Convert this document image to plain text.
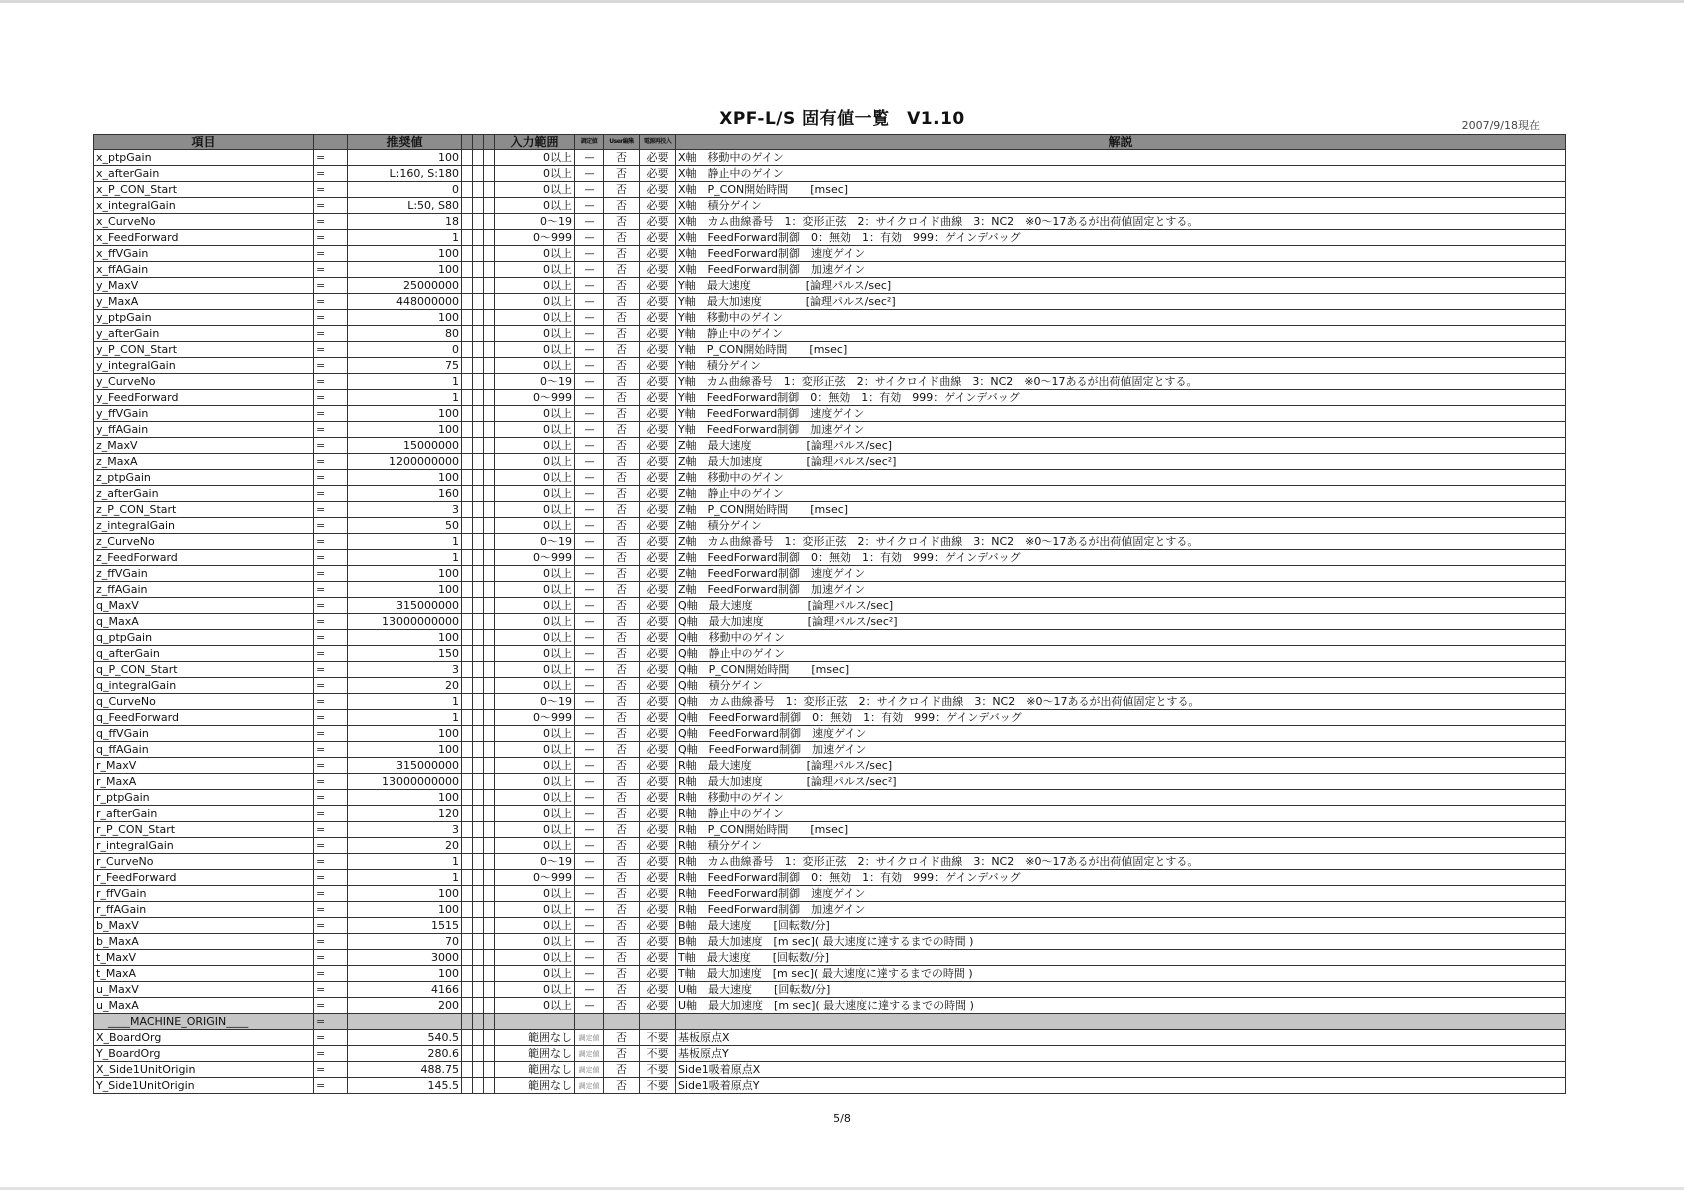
XPF-L/S 固有値一覧　V1.10	2007/9/18現在
項目		推奨値				入力範囲	調定値	User編集	電源再投入	解説
x_ptpGain	=	100				0以上	----	否	必要	X軸　移動中のゲイン
x_afterGain	=	L:160, S:180				0以上	----	否	必要	X軸　静止中のゲイン
x_P_CON_Start	=	0				0以上	----	否	必要	X軸　P_CON開始時間　　[msec]
x_integralGain	=	L:50, S80				0以上	----	否	必要	X軸　積分ゲイン
x_CurveNo	=	18				0～19	----	否	必要	X軸　カム曲線番号　1：変形正弦　2：サイクロイド曲線　3：NC2　※0～17あるが出荷値固定とする。
x_FeedForward	=	1				0～999	----	否	必要	X軸　FeedForward制御　0：無効　1：有効　999：ゲインデバッグ
x_ffVGain	=	100				0以上	----	否	必要	X軸　FeedForward制御　速度ゲイン
x_ffAGain	=	100				0以上	----	否	必要	X軸　FeedForward制御　加速ゲイン
y_MaxV	=	25000000				0以上	----	否	必要	Y軸　最大速度　　　　　[論理パルス/sec]
y_MaxA	=	448000000				0以上	----	否	必要	Y軸　最大加速度　　　　[論理パルス/sec²]
y_ptpGain	=	100				0以上	----	否	必要	Y軸　移動中のゲイン
y_afterGain	=	80				0以上	----	否	必要	Y軸　静止中のゲイン
y_P_CON_Start	=	0				0以上	----	否	必要	Y軸　P_CON開始時間　　[msec]
y_integralGain	=	75				0以上	----	否	必要	Y軸　積分ゲイン
y_CurveNo	=	1				0～19	----	否	必要	Y軸　カム曲線番号　1：変形正弦　2：サイクロイド曲線　3：NC2　※0～17あるが出荷値固定とする。
y_FeedForward	=	1				0～999	----	否	必要	Y軸　FeedForward制御　0：無効　1：有効　999：ゲインデバッグ
y_ffVGain	=	100				0以上	----	否	必要	Y軸　FeedForward制御　速度ゲイン
y_ffAGain	=	100				0以上	----	否	必要	Y軸　FeedForward制御　加速ゲイン
z_MaxV	=	15000000				0以上	----	否	必要	Z軸　最大速度　　　　　[論理パルス/sec]
z_MaxA	=	1200000000				0以上	----	否	必要	Z軸　最大加速度　　　　[論理パルス/sec²]
z_ptpGain	=	100				0以上	----	否	必要	Z軸　移動中のゲイン
z_afterGain	=	160				0以上	----	否	必要	Z軸　静止中のゲイン
z_P_CON_Start	=	3				0以上	----	否	必要	Z軸　P_CON開始時間　　[msec]
z_integralGain	=	50				0以上	----	否	必要	Z軸　積分ゲイン
z_CurveNo	=	1				0～19	----	否	必要	Z軸　カム曲線番号　1：変形正弦　2：サイクロイド曲線　3：NC2　※0～17あるが出荷値固定とする。
z_FeedForward	=	1				0～999	----	否	必要	Z軸　FeedForward制御　0：無効　1：有効　999：ゲインデバッグ
z_ffVGain	=	100				0以上	----	否	必要	Z軸　FeedForward制御　速度ゲイン
z_ffAGain	=	100				0以上	----	否	必要	Z軸　FeedForward制御　加速ゲイン
q_MaxV	=	315000000				0以上	----	否	必要	Q軸　最大速度　　　　　[論理パルス/sec]
q_MaxA	=	13000000000				0以上	----	否	必要	Q軸　最大加速度　　　　[論理パルス/sec²]
q_ptpGain	=	100				0以上	----	否	必要	Q軸　移動中のゲイン
q_afterGain	=	150				0以上	----	否	必要	Q軸　静止中のゲイン
q_P_CON_Start	=	3				0以上	----	否	必要	Q軸　P_CON開始時間　　[msec]
q_integralGain	=	20				0以上	----	否	必要	Q軸　積分ゲイン
q_CurveNo	=	1				0～19	----	否	必要	Q軸　カム曲線番号　1：変形正弦　2：サイクロイド曲線　3：NC2　※0～17あるが出荷値固定とする。
q_FeedForward	=	1				0～999	----	否	必要	Q軸　FeedForward制御　0：無効　1：有効　999：ゲインデバッグ
q_ffVGain	=	100				0以上	----	否	必要	Q軸　FeedForward制御　速度ゲイン
q_ffAGain	=	100				0以上	----	否	必要	Q軸　FeedForward制御　加速ゲイン
r_MaxV	=	315000000				0以上	----	否	必要	R軸　最大速度　　　　　[論理パルス/sec]
r_MaxA	=	13000000000				0以上	----	否	必要	R軸　最大加速度　　　　[論理パルス/sec²]
r_ptpGain	=	100				0以上	----	否	必要	R軸　移動中のゲイン
r_afterGain	=	120				0以上	----	否	必要	R軸　静止中のゲイン
r_P_CON_Start	=	3				0以上	----	否	必要	R軸　P_CON開始時間　　[msec]
r_integralGain	=	20				0以上	----	否	必要	R軸　積分ゲイン
r_CurveNo	=	1				0～19	----	否	必要	R軸　カム曲線番号　1：変形正弦　2：サイクロイド曲線　3：NC2　※0～17あるが出荷値固定とする。
r_FeedForward	=	1				0～999	----	否	必要	R軸　FeedForward制御　0：無効　1：有効　999：ゲインデバッグ
r_ffVGain	=	100				0以上	----	否	必要	R軸　FeedForward制御　速度ゲイン
r_ffAGain	=	100				0以上	----	否	必要	R軸　FeedForward制御　加速ゲイン
b_MaxV	=	1515				0以上	----	否	必要	B軸　最大速度　　[回転数/分]
b_MaxA	=	70				0以上	----	否	必要	B軸　最大加速度　[m sec]( 最大速度に達するまでの時間 )
t_MaxV	=	3000				0以上	----	否	必要	T軸　最大速度　　[回転数/分]
t_MaxA	=	100				0以上	----	否	必要	T軸　最大加速度　[m sec]( 最大速度に達するまでの時間 )
u_MaxV	=	4166				0以上	----	否	必要	U軸　最大速度　　[回転数/分]
u_MaxA	=	200				0以上	----	否	必要	U軸　最大加速度　[m sec]( 最大速度に達するまでの時間 )
____MACHINE_ORIGIN____	=									
X_BoardOrg	=	540.5				範囲なし	調定値	否	不要	基板原点X
Y_BoardOrg	=	280.6				範囲なし	調定値	否	不要	基板原点Y
X_Side1UnitOrigin	=	488.75				範囲なし	調定値	否	不要	Side1吸着原点X
Y_Side1UnitOrigin	=	145.5				範囲なし	調定値	否	不要	Side1吸着原点Y
5/8
